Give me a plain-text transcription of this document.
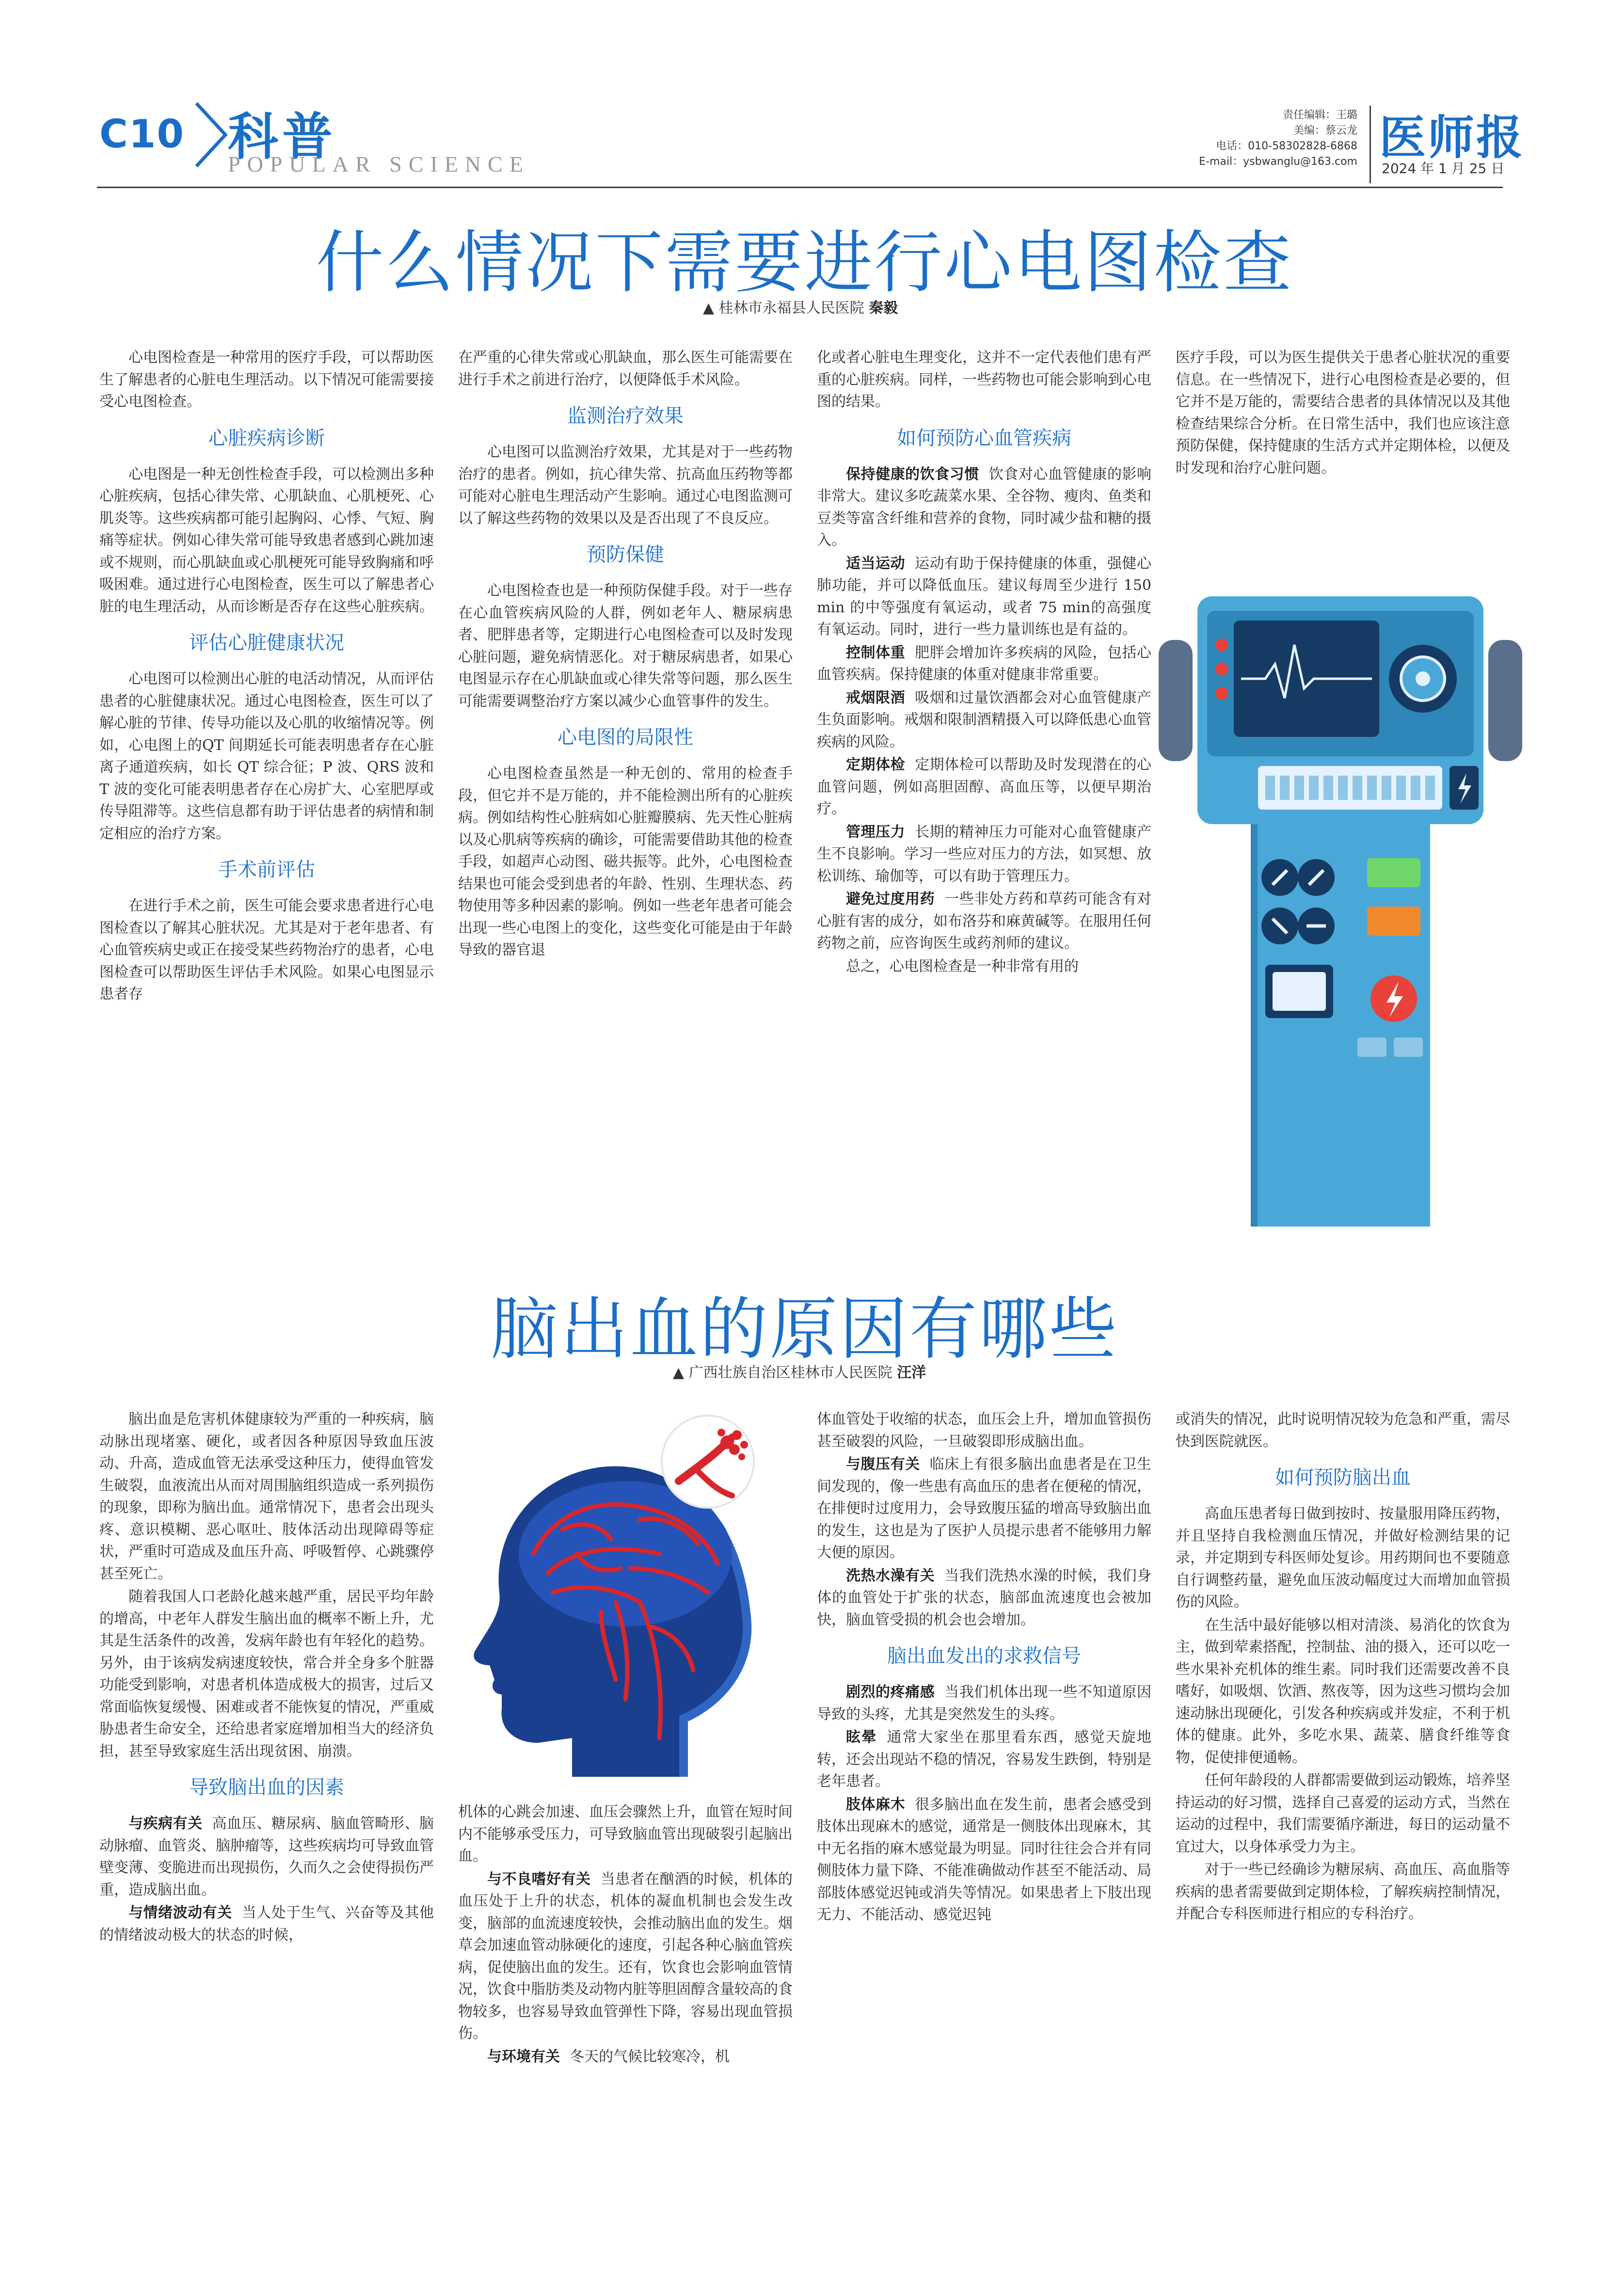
C10 科普
POPULAR SCIENCE
责任编辑：王璐
美编：蔡云龙
电话：010-58302828-6868
E-mail：ysbwanglu@163.com 医师报
2024 年 1 月 25 日
什么情况下需要进行心电图检查
▲ 桂林市永福县人民医院 秦毅

心电图检查是一种常用的医疗手段，可以帮助医生了解患者的心脏电生理活动。以下情况可能需要接受心电图检查。

心脏疾病诊断

心电图是一种无创性检查手段，可以检测出多种心脏疾病，包括心律失常、心肌缺血、心肌梗死、心肌炎等。这些疾病都可能引起胸闷、心悸、气短、胸痛等症状。例如心律失常可能导致患者感到心跳加速或不规则，而心肌缺血或心肌梗死可能导致胸痛和呼吸困难。通过进行心电图检查，医生可以了解患者心脏的电生理活动，从而诊断是否存在这些心脏疾病。

评估心脏健康状况

心电图可以检测出心脏的电活动情况，从而评估患者的心脏健康状况。通过心电图检查，医生可以了解心脏的节律、传导功能以及心肌的收缩情况等。例如，心电图上的QT 间期延长可能表明患者存在心脏离子通道疾病，如长 QT 综合征；P 波、QRS 波和T 波的变化可能表明患者存在心房扩大、心室肥厚或传导阻滞等。这些信息都有助于评估患者的病情和制定相应的治疗方案。

手术前评估

在进行手术之前，医生可能会要求患者进行心电图检查以了解其心脏状况。尤其是对于老年患者、有心血管疾病史或正在接受某些药物治疗的患者，心电图检查可以帮助医生评估手术风险。如果心电图显示患者存

在严重的心律失常或心肌缺血，那么医生可能需要在进行手术之前进行治疗，以便降低手术风险。

监测治疗效果

心电图可以监测治疗效果，尤其是对于一些药物治疗的患者。例如，抗心律失常、抗高血压药物等都可能对心脏电生理活动产生影响。通过心电图监测可以了解这些药物的效果以及是否出现了不良反应。

预防保健

心电图检查也是一种预防保健手段。对于一些存在心血管疾病风险的人群，例如老年人、糖尿病患者、肥胖患者等，定期进行心电图检查可以及时发现心脏问题，避免病情恶化。对于糖尿病患者，如果心电图显示存在心肌缺血或心律失常等问题，那么医生可能需要调整治疗方案以减少心血管事件的发生。

心电图的局限性

心电图检查虽然是一种无创的、常用的检查手段，但它并不是万能的，并不能检测出所有的心脏疾病。例如结构性心脏病如心脏瓣膜病、先天性心脏病以及心肌病等疾病的确诊，可能需要借助其他的检查手段，如超声心动图、磁共振等。此外，心电图检查结果也可能会受到患者的年龄、性别、生理状态、药物使用等多种因素的影响。例如一些老年患者可能会出现一些心电图上的变化，这些变化可能是由于年龄导致的器官退

化或者心脏电生理变化，这并不一定代表他们患有严重的心脏疾病。同样，一些药物也可能会影响到心电图的结果。

如何预防心血管疾病

保持健康的饮食习惯 饮食对心血管健康的影响非常大。建议多吃蔬菜水果、全谷物、瘦肉、鱼类和豆类等富含纤维和营养的食物，同时减少盐和糖的摄入。

适当运动 运动有助于保持健康的体重，强健心肺功能，并可以降低血压。建议每周至少进行 150 min 的中等强度有氧运动，或者 75 min的高强度有氧运动。同时，进行一些力量训练也是有益的。

控制体重 肥胖会增加许多疾病的风险，包括心血管疾病。保持健康的体重对健康非常重要。

戒烟限酒 吸烟和过量饮酒都会对心血管健康产生负面影响。戒烟和限制酒精摄入可以降低患心血管疾病的风险。

定期体检 定期体检可以帮助及时发现潜在的心血管问题，例如高胆固醇、高血压等，以便早期治疗。

管理压力 长期的精神压力可能对心血管健康产生不良影响。学习一些应对压力的方法，如冥想、放松训练、瑜伽等，可以有助于管理压力。

避免过度用药 一些非处方药和草药可能含有对心脏有害的成分，如布洛芬和麻黄碱等。在服用任何药物之前，应咨询医生或药剂师的建议。

总之，心电图检查是一种非常有用的

医疗手段，可以为医生提供关于患者心脏状况的重要信息。在一些情况下，进行心电图检查是必要的，但它并不是万能的，需要结合患者的具体情况以及其他检查结果综合分析。在日常生活中，我们也应该注意预防保健，保持健康的生活方式并定期体检，以便及时发现和治疗心脏问题。

脑出血的原因有哪些
▲ 广西壮族自治区桂林市人民医院 汪洋

脑出血是危害机体健康较为严重的一种疾病，脑动脉出现堵塞、硬化，或者因各种原因导致血压波动、升高，造成血管无法承受这种压力，使得血管发生破裂，血液流出从而对周围脑组织造成一系列损伤的现象，即称为脑出血。通常情况下，患者会出现头疼、意识模糊、恶心呕吐、肢体活动出现障碍等症状，严重时可造成及血压升高、呼吸暂停、心跳骤停甚至死亡。

随着我国人口老龄化越来越严重，居民平均年龄的增高，中老年人群发生脑出血的概率不断上升，尤其是生活条件的改善，发病年龄也有年轻化的趋势。另外，由于该病发病速度较快，常合并全身多个脏器功能受到影响，对患者机体造成极大的损害，过后又常面临恢复缓慢、困难或者不能恢复的情况，严重威胁患者生命安全，还给患者家庭增加相当大的经济负担，甚至导致家庭生活出现贫困、崩溃。

导致脑出血的因素

与疾病有关 高血压、糖尿病、脑血管畸形、脑动脉瘤、血管炎、脑肿瘤等，这些疾病均可导致血管壁变薄、变脆进而出现损伤，久而久之会使得损伤严重，造成脑出血。

与情绪波动有关 当人处于生气、兴奋等及其他的情绪波动极大的状态的时候，

机体的心跳会加速、血压会骤然上升，血管在短时间内不能够承受压力，可导致脑血管出现破裂引起脑出血。

与不良嗜好有关 当患者在酗酒的时候，机体的血压处于上升的状态，机体的凝血机制也会发生改变，脑部的血流速度较快，会推动脑出血的发生。烟草会加速血管动脉硬化的速度，引起各种心脑血管疾病，促使脑出血的发生。还有，饮食也会影响血管情况，饮食中脂肪类及动物内脏等胆固醇含量较高的食物较多，也容易导致血管弹性下降，容易出现血管损伤。

与环境有关 冬天的气候比较寒冷，机

体血管处于收缩的状态，血压会上升，增加血管损伤甚至破裂的风险，一旦破裂即形成脑出血。

与腹压有关 临床上有很多脑出血患者是在卫生间发现的，像一些患有高血压的患者在便秘的情况，在排便时过度用力，会导致腹压猛的增高导致脑出血的发生，这也是为了医护人员提示患者不能够用力解大便的原因。

洗热水澡有关 当我们洗热水澡的时候，我们身体的血管处于扩张的状态，脑部血流速度也会被加快，脑血管受损的机会也会增加。

脑出血发出的求救信号

剧烈的疼痛感 当我们机体出现一些不知道原因导致的头疼，尤其是突然发生的头疼。

眩晕 通常大家坐在那里看东西，感觉天旋地转，还会出现站不稳的情况，容易发生跌倒，特别是老年患者。

肢体麻木 很多脑出血在发生前，患者会感受到肢体出现麻木的感觉，通常是一侧肢体出现麻木，其中无名指的麻木感觉最为明显。同时往往会合并有同侧肢体力量下降、不能准确做动作甚至不能活动、局部肢体感觉迟钝或消失等情况。如果患者上下肢出现无力、不能活动、感觉迟钝

或消失的情况，此时说明情况较为危急和严重，需尽快到医院就医。

如何预防脑出血

高血压患者每日做到按时、按量服用降压药物，并且坚持自我检测血压情况，并做好检测结果的记录，并定期到专科医师处复诊。用药期间也不要随意自行调整药量，避免血压波动幅度过大而增加血管损伤的风险。

在生活中最好能够以相对清淡、易消化的饮食为主，做到荤素搭配，控制盐、油的摄入，还可以吃一些水果补充机体的维生素。同时我们还需要改善不良嗜好，如吸烟、饮酒、熬夜等，因为这些习惯均会加速动脉出现硬化，引发各种疾病或并发症，不利于机体的健康。此外，多吃水果、蔬菜、膳食纤维等食物，促使排便通畅。

任何年龄段的人群都需要做到运动锻炼，培养坚持运动的好习惯，选择自己喜爱的运动方式，当然在运动的过程中，我们需要循序渐进，每日的运动量不宜过大，以身体承受力为主。

对于一些已经确诊为糖尿病、高血压、高血脂等疾病的患者需要做到定期体检，了解疾病控制情况，并配合专科医师进行相应的专科治疗。
